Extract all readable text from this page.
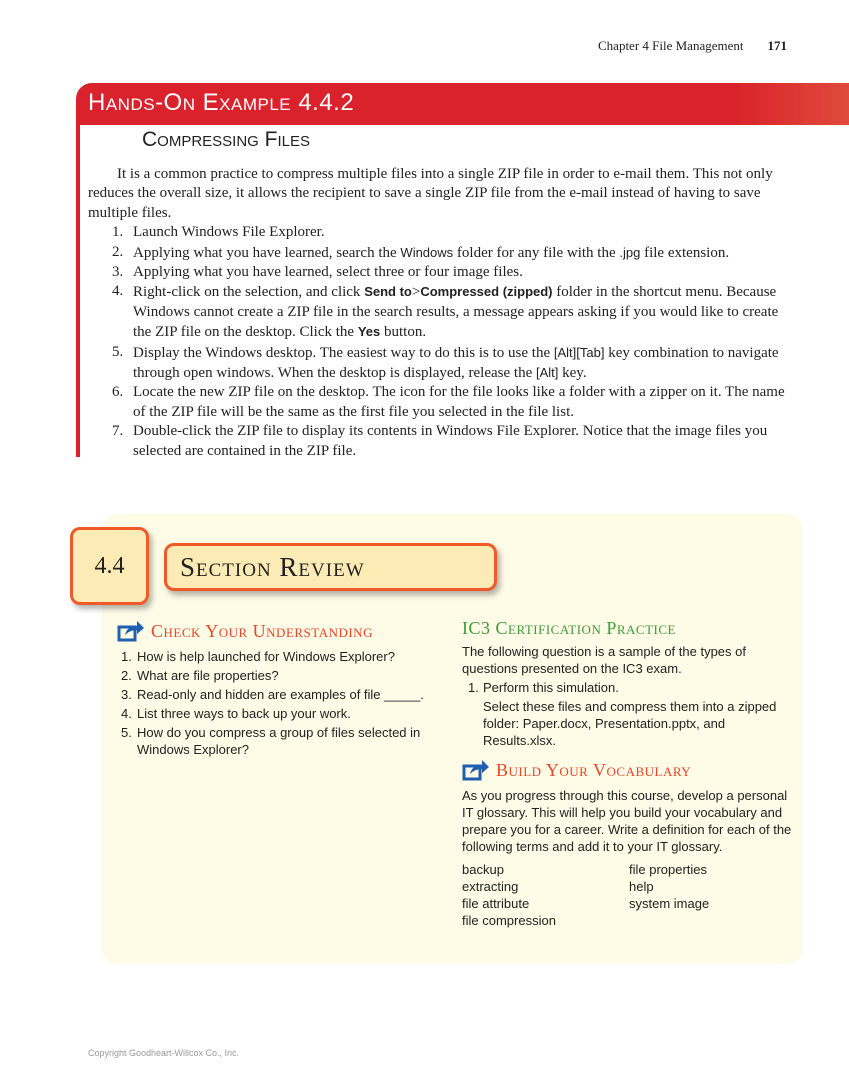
Chapter 4 File Management 171
Hands-On Example 4.4.2
Compressing Files

It is a common practice to compress multiple files into a single ZIP file in order to e-mail them. This not only reduces the overall size, it allows the recipient to save a single ZIP file from the e-mail instead of having to save multiple files.

1. Launch Windows File Explorer.
2. Applying what you have learned, search the Windows folder for any file with the .jpg file extension.
3. Applying what you have learned, select three or four image files.
4. Right-click on the selection, and click Send to>Compressed (zipped) folder in the shortcut menu. Because Windows cannot create a ZIP file in the search results, a message appears asking if you would like to create the ZIP file on the desktop. Click the Yes button.
5. Display the Windows desktop. The easiest way to do this is to use the [Alt][Tab] key combination to navigate through open windows. When the desktop is displayed, release the [Alt] key.
6. Locate the new ZIP file on the desktop. The icon for the file looks like a folder with a zipper on it. The name of the ZIP file will be the same as the first file you selected in the file list.
7. Double-click the ZIP file to display its contents in Windows File Explorer. Notice that the image files you selected are contained in the ZIP file.
4.4	Section Review
Check Your Understanding
1. How is help launched for Windows Explorer?
2. What are file properties?
3. Read-only and hidden are examples of file _____.
4. List three ways to back up your work.
5. How do you compress a group of files selected in Windows Explorer?
IC3 Certification Practice
The following question is a sample of the types of questions presented on the IC3 exam.
1. Perform this simulation.
Select these files and compress them into a zipped folder: Paper.docx, Presentation.pptx, and Results.xlsx.
Build Your Vocabulary
As you progress through this course, develop a personal IT glossary. This will help you build your vocabulary and prepare you for a career. Write a definition for each of the following terms and add it to your IT glossary.
backup	file properties
extracting	help
file attribute	system image
file compression
Copyright Goodheart-Willcox Co., Inc.
